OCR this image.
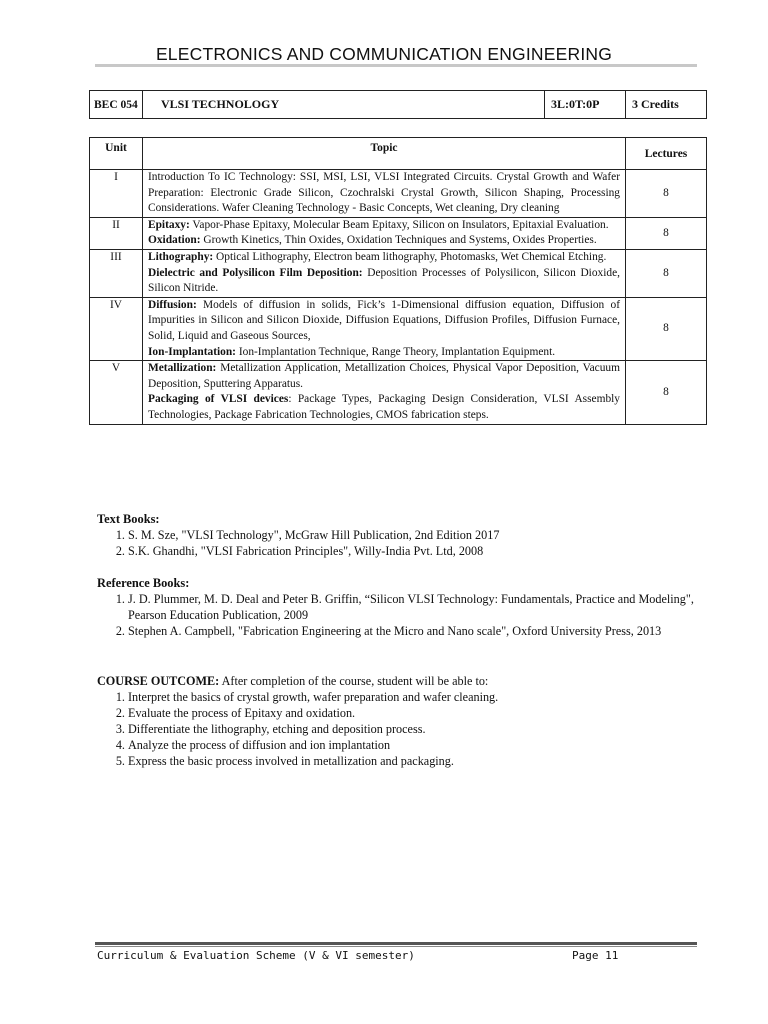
ELECTRONICS AND COMMUNICATION ENGINEERING
BEC 054	VLSI TECHNOLOGY	3L:0T:0P	3 Credits
Unit	Topic	Lectures
I	Introduction To IC Technology: SSI, MSI, LSI, VLSI Integrated Circuits. Crystal Growth and Wafer Preparation: Electronic Grade Silicon, Czochralski Crystal Growth, Silicon Shaping, Processing Considerations. Wafer Cleaning Technology - Basic Concepts, Wet cleaning, Dry cleaning	8
II	Epitaxy: Vapor-Phase Epitaxy, Molecular Beam Epitaxy, Silicon on Insulators, Epitaxial Evaluation.

Oxidation: Growth Kinetics, Thin Oxides, Oxidation Techniques and Systems, Oxides Properties.	8
III	Lithography: Optical Lithography, Electron beam lithography, Photomasks, Wet Chemical Etching.

Dielectric and Polysilicon Film Deposition: Deposition Processes of Polysilicon, Silicon Dioxide, Silicon Nitride.	8
IV	Diffusion: Models of diffusion in solids, Fick’s 1-Dimensional diffusion equation, Diffusion of Impurities in Silicon and Silicon Dioxide, Diffusion Equations, Diffusion Profiles, Diffusion Furnace, Solid, Liquid and Gaseous Sources,

Ion-Implantation: Ion-Implantation Technique, Range Theory, Implantation Equipment.	8
V	Metallization: Metallization Application, Metallization Choices, Physical Vapor Deposition, Vacuum Deposition, Sputtering Apparatus.

Packaging of VLSI devices: Package Types, Packaging Design Consideration, VLSI Assembly Technologies, Package Fabrication Technologies, CMOS fabrication steps.	8
Text Books:
1. S. M. Sze, "VLSI Technology", McGraw Hill Publication, 2nd Edition 2017
2. S.K. Ghandhi, "VLSI Fabrication Principles", Willy-India Pvt. Ltd, 2008
Reference Books:
1. J. D. Plummer, M. D. Deal and Peter B. Griffin, “Silicon VLSI Technology: Fundamentals, Practice and Modeling", Pearson Education Publication, 2009
2. Stephen A. Campbell, "Fabrication Engineering at the Micro and Nano scale", Oxford University Press, 2013
COURSE OUTCOME: After completion of the course, student will be able to:
1. Interpret the basics of crystal growth, wafer preparation and wafer cleaning.
2. Evaluate the process of Epitaxy and oxidation.
3. Differentiate the lithography, etching and deposition process.
4. Analyze the process of diffusion and ion implantation
5. Express the basic process involved in metallization and packaging.
Curriculum & Evaluation Scheme (V & VI semester)	Page 11
